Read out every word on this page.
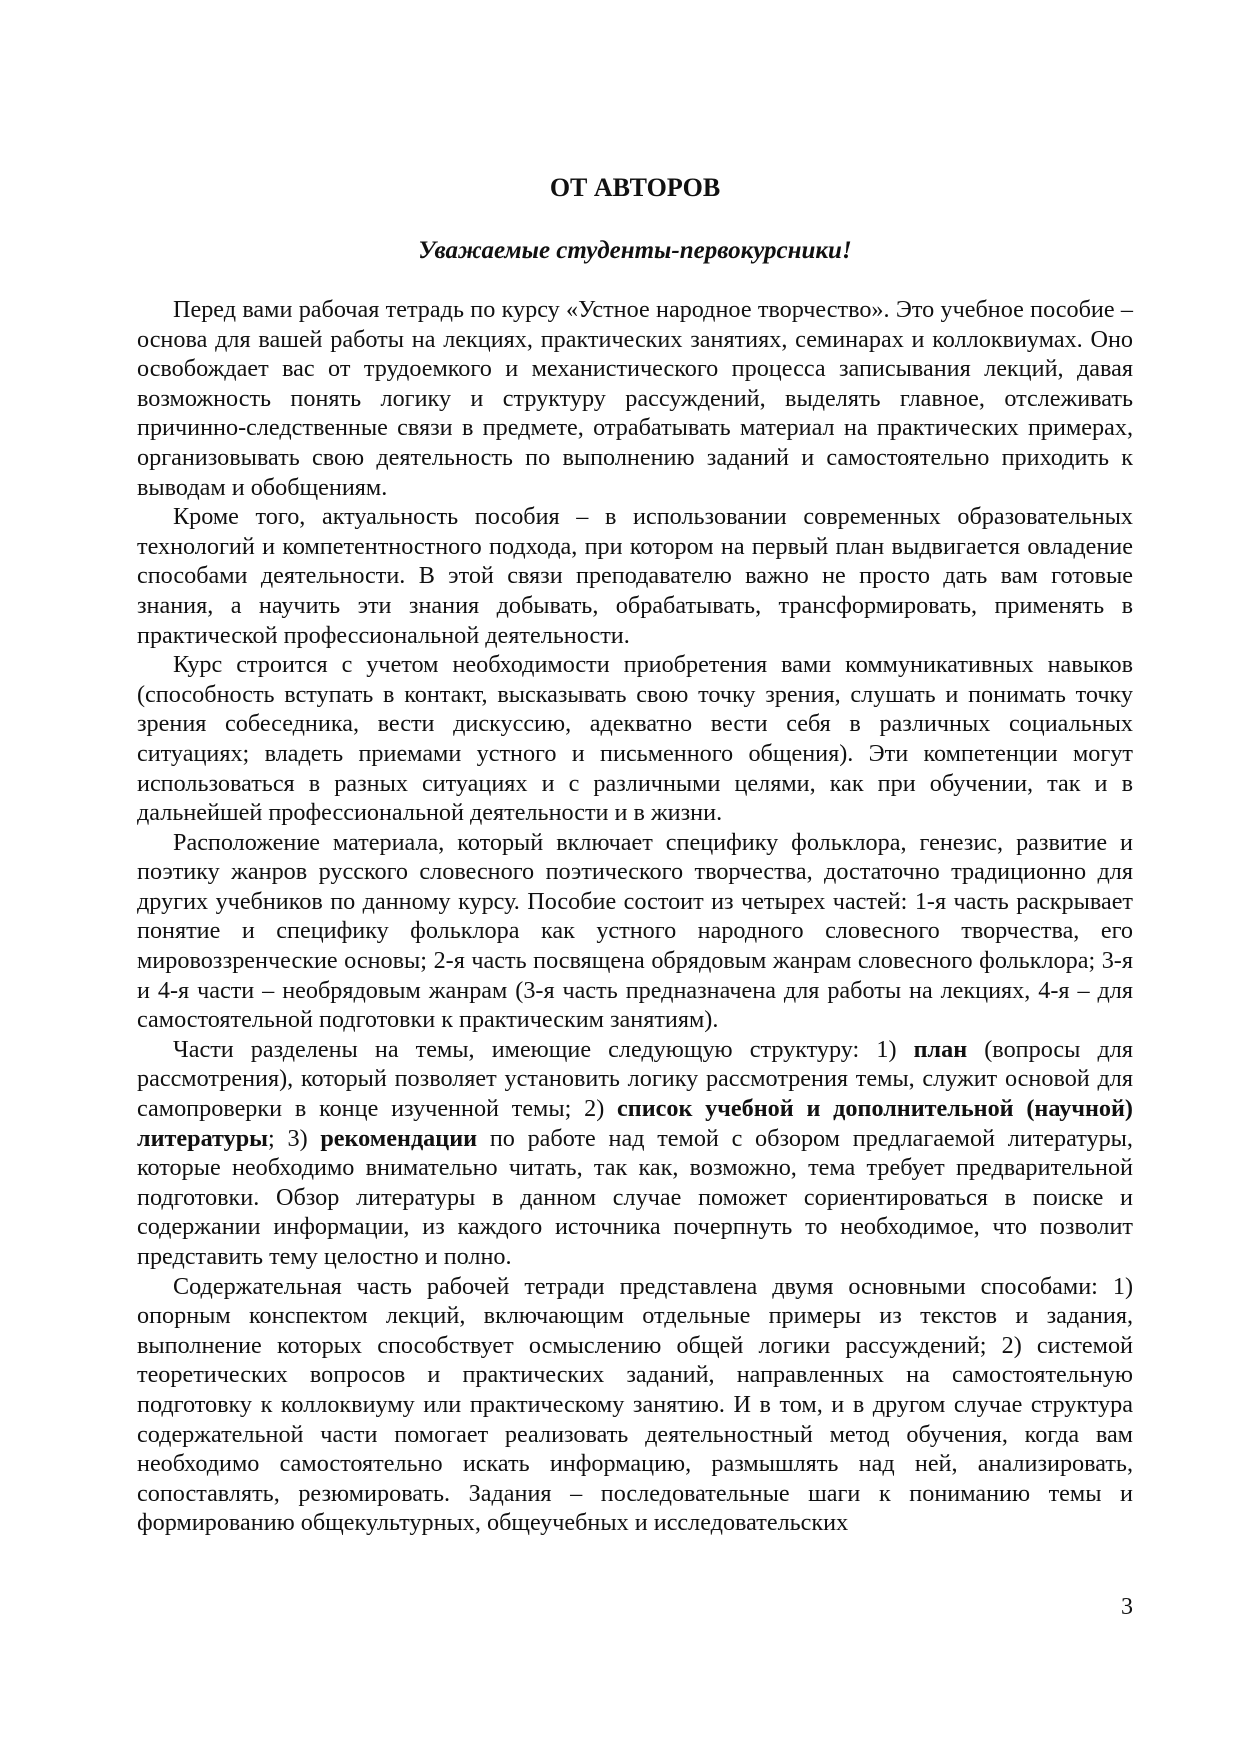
ОТ АВТОРОВ
Уважаемые студенты-первокурсники!

Перед вами рабочая тетрадь по курсу «Устное народное творчество». Это учебное пособие – основа для вашей работы на лекциях, практических занятиях, семинарах и коллоквиумах. Оно освобождает вас от трудоемкого и механистического процесса записывания лекций, давая возможность понять логику и структуру рассуждений, выделять главное, отслеживать причинно-следственные связи в предмете, отрабатывать материал на практических примерах, организовывать свою деятельность по выполнению заданий и самостоятельно приходить к выводам и обобщениям.

Кроме того, актуальность пособия – в использовании современных образовательных технологий и компетентностного подхода, при котором на первый план выдвигается овладение способами деятельности. В этой связи преподавателю важно не просто дать вам готовые знания, а научить эти знания добывать, обрабатывать, трансформировать, применять в практической профессиональной деятельности.

Курс строится с учетом необходимости приобретения вами коммуникативных навыков (способность вступать в контакт, высказывать свою точку зрения, слушать и понимать точку зрения собеседника, вести дискуссию, адекватно вести себя в различных социальных ситуациях; владеть приемами устного и письменного общения). Эти компетенции могут использоваться в разных ситуациях и с различными целями, как при обучении, так и в дальнейшей профессиональной деятельности и в жизни.

Расположение материала, который включает специфику фольклора, генезис, развитие и поэтику жанров русского словесного поэтического творчества, достаточно традиционно для других учебников по данному курсу. Пособие состоит из четырех частей: 1-я часть раскрывает понятие и специфику фольклора как устного народного словесного творчества, его мировоззренческие основы; 2-я часть посвящена обрядовым жанрам словесного фольклора; 3-я и 4-я части – необрядовым жанрам (3-я часть предназначена для работы на лекциях, 4-я – для самостоятельной подготовки к практическим занятиям).

Части разделены на темы, имеющие следующую структуру: 1) план (вопросы для рассмотрения), который позволяет установить логику рассмотрения темы, служит основой для самопроверки в конце изученной темы; 2) список учебной и дополнительной (научной) литературы; 3) рекомендации по работе над темой с обзором предлагаемой литературы, которые необходимо внимательно читать, так как, возможно, тема требует предварительной подготовки. Обзор литературы в данном случае поможет сориентироваться в поиске и содержании информации, из каждого источника почерпнуть то необходимое, что позволит представить тему целостно и полно.

Содержательная часть рабочей тетради представлена двумя основными способами: 1) опорным конспектом лекций, включающим отдельные примеры из текстов и задания, выполнение которых способствует осмыслению общей логики рассуждений; 2) системой теоретических вопросов и практических заданий, направленных на самостоятельную подготовку к коллоквиуму или практическому занятию. И в том, и в другом случае структура содержательной части помогает реализовать деятельностный метод обучения, когда вам необходимо самостоятельно искать информацию, размышлять над ней, анализировать, сопоставлять, резюмировать. Задания – последовательные шаги к пониманию темы и формированию общекультурных, общеучебных и исследовательских

3
